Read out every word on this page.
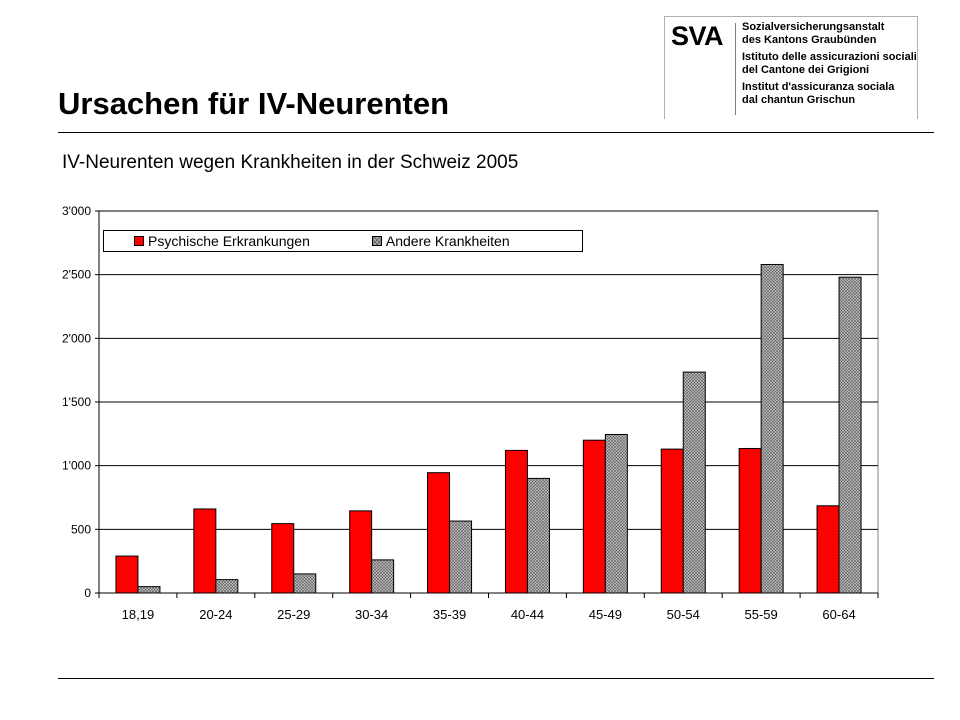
SVA Sozialversicherungsanstalt
des Kantons Graubünden
Istituto delle assicurazioni sociali
del Cantone dei Grigioni
Institut d'assicuranza sociala
dal chantun Grischun
Ursachen für IV-Neurenten
IV-Neurenten wegen Krankheiten in der Schweiz 2005
0
500
1'000
1'500
2'000
2'500
3'000
18,19	20-24	25-29	30-34	35-39	40-44	45-49	50-54	55-59	60-64
Psychische Erkrankungen	Andere Krankheiten
